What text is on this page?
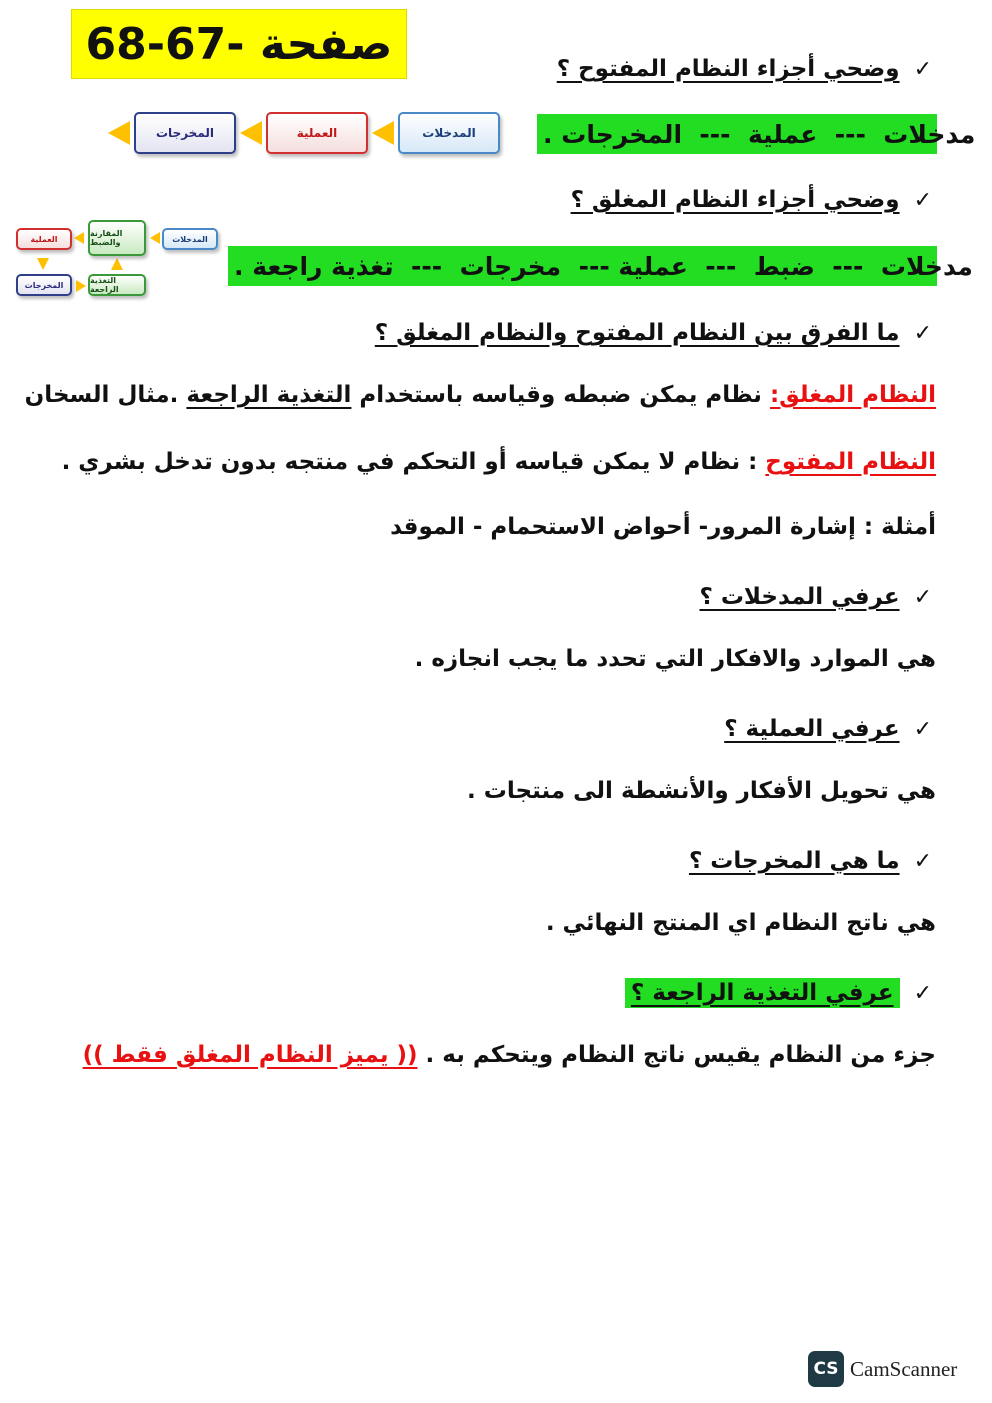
صفحة -67-68	✓
وضحي أجزاء النظام المفتوح ؟
المخرجات	العملية	المدخلات	مدخلات  ---  عملية  ---  المخرجات .
✓
وضحي أجزاء النظام المغلق ؟
العملية
المقارنة والضبط	المدخلات
المخرجات	التغذية الراجعة
مدخلات  ---  ضبط  ---  عملية ---  مخرجات  ---  تغذية راجعة .
✓
ما الفرق بين النظام المفتوح والنظام المغلق ؟
النظام المغلق: نظام يمكن ضبطه وقياسه باستخدام التغذية الراجعة .مثال السخان
النظام المفتوح : نظام لا يمكن قياسه أو التحكم في منتجه بدون تدخل بشري .
أمثلة : إشارة المرور- أحواض الاستحمام - الموقد
✓
عرفي المدخلات ؟
هي الموارد والافكار التي تحدد ما يجب انجازه .
✓
عرفي العملية ؟
هي تحويل الأفكار والأنشطة الى منتجات .
✓
ما هي المخرجات ؟
هي ناتج النظام اي المنتج النهائي .
✓
عرفي التغذية الراجعة ؟
جزء من النظام يقيس ناتج النظام ويتحكم به . (( يميز النظام المغلق فقط ))
CS CamScanner
